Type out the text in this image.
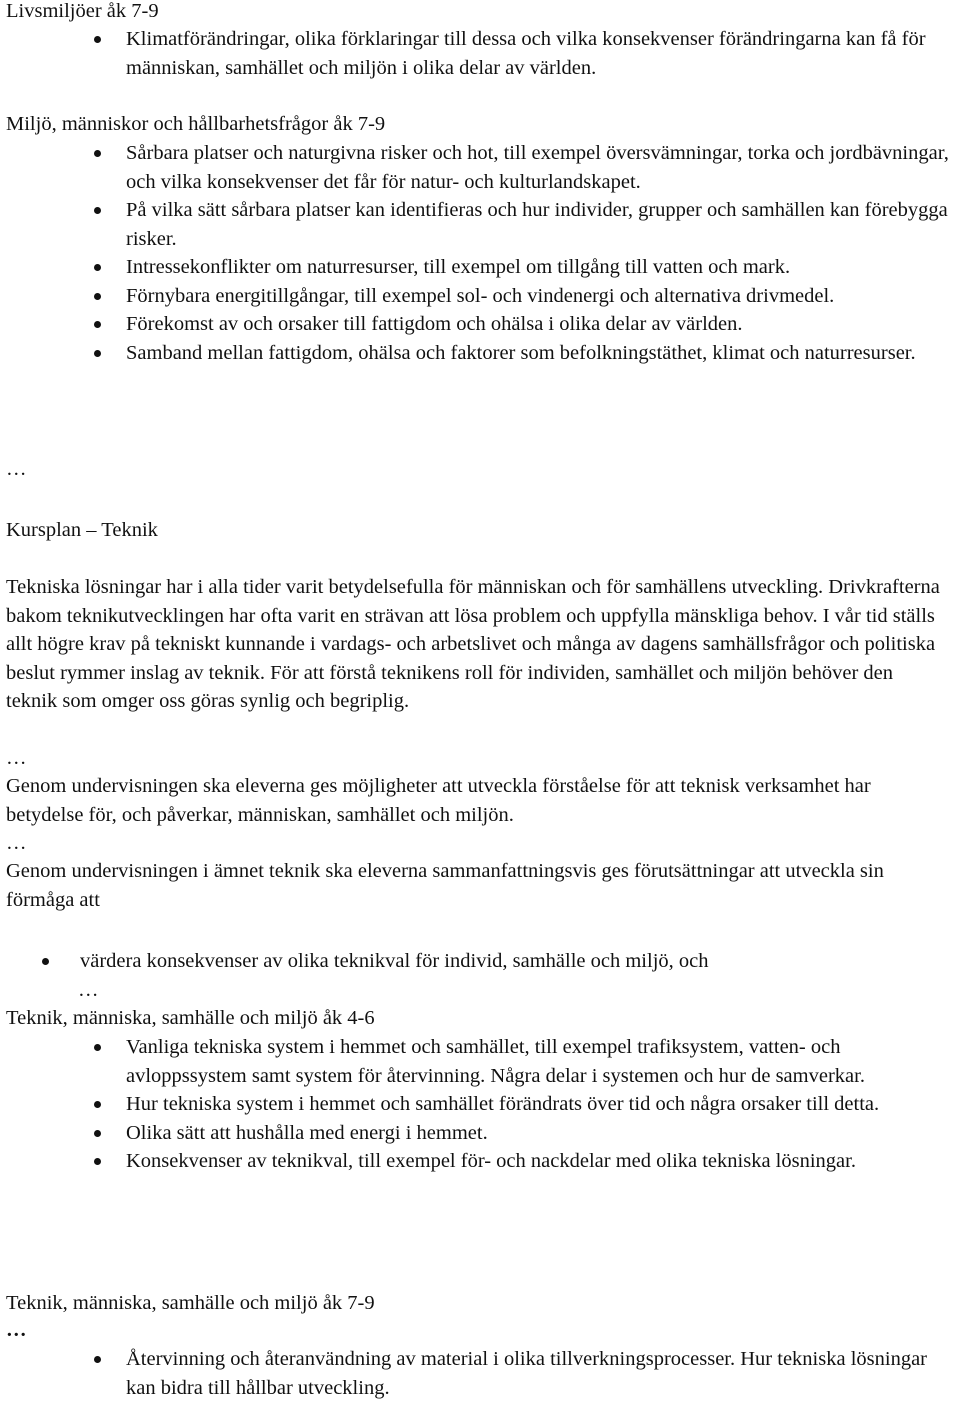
Livsmiljöer åk 7-9
Klimatförändringar, olika förklaringar till dessa och vilka konsekvenser förändringarna kan få för människan, samhället och miljön i olika delar av världen.
Miljö, människor och hållbarhetsfrågor åk 7-9
Sårbara platser och naturgivna risker och hot, till exempel översvämningar, torka och jordbävningar, och vilka konsekvenser det får för natur- och kulturlandskapet.
På vilka sätt sårbara platser kan identifieras och hur individer, grupper och samhällen kan förebygga risker.
Intressekonflikter om naturresurser, till exempel om tillgång till vatten och mark.
Förnybara energitillgångar, till exempel sol- och vindenergi och alternativa drivmedel.
Förekomst av och orsaker till fattigdom och ohälsa i olika delar av världen.
Samband mellan fattigdom, ohälsa och faktorer som befolkningstäthet, klimat och naturresurser.
…
Kursplan – Teknik
Tekniska lösningar har i alla tider varit betydelsefulla för människan och för samhällens utveckling. Drivkrafterna bakom teknikutvecklingen har ofta varit en strävan att lösa problem och uppfylla mänskliga behov. I vår tid ställs allt högre krav på tekniskt kunnande i vardags- och arbetslivet och många av dagens samhällsfrågor och politiska beslut rymmer inslag av teknik. För att förstå teknikens roll för individen, samhället och miljön behöver den teknik som omger oss göras synlig och begriplig.
…
Genom undervisningen ska eleverna ges möjligheter att utveckla förståelse för att teknisk verksamhet har betydelse för, och påverkar, människan, samhället och miljön.
…
Genom undervisningen i ämnet teknik ska eleverna sammanfattningsvis ges förutsättningar att utveckla sin förmåga att
värdera konsekvenser av olika teknikval för individ, samhälle och miljö, och
…
Teknik, människa, samhälle och miljö åk 4-6
Vanliga tekniska system i hemmet och samhället, till exempel trafiksystem, vatten- och avloppssystem samt system för återvinning. Några delar i systemen och hur de samverkar.
Hur tekniska system i hemmet och samhället förändrats över tid och några orsaker till detta.
Olika sätt att hushålla med energi i hemmet.
Konsekvenser av teknikval, till exempel för- och nackdelar med olika tekniska lösningar.
Teknik, människa, samhälle och miljö åk 7-9
…
Återvinning och återanvändning av material i olika tillverkningsprocesser. Hur tekniska lösningar kan bidra till hållbar utveckling.
